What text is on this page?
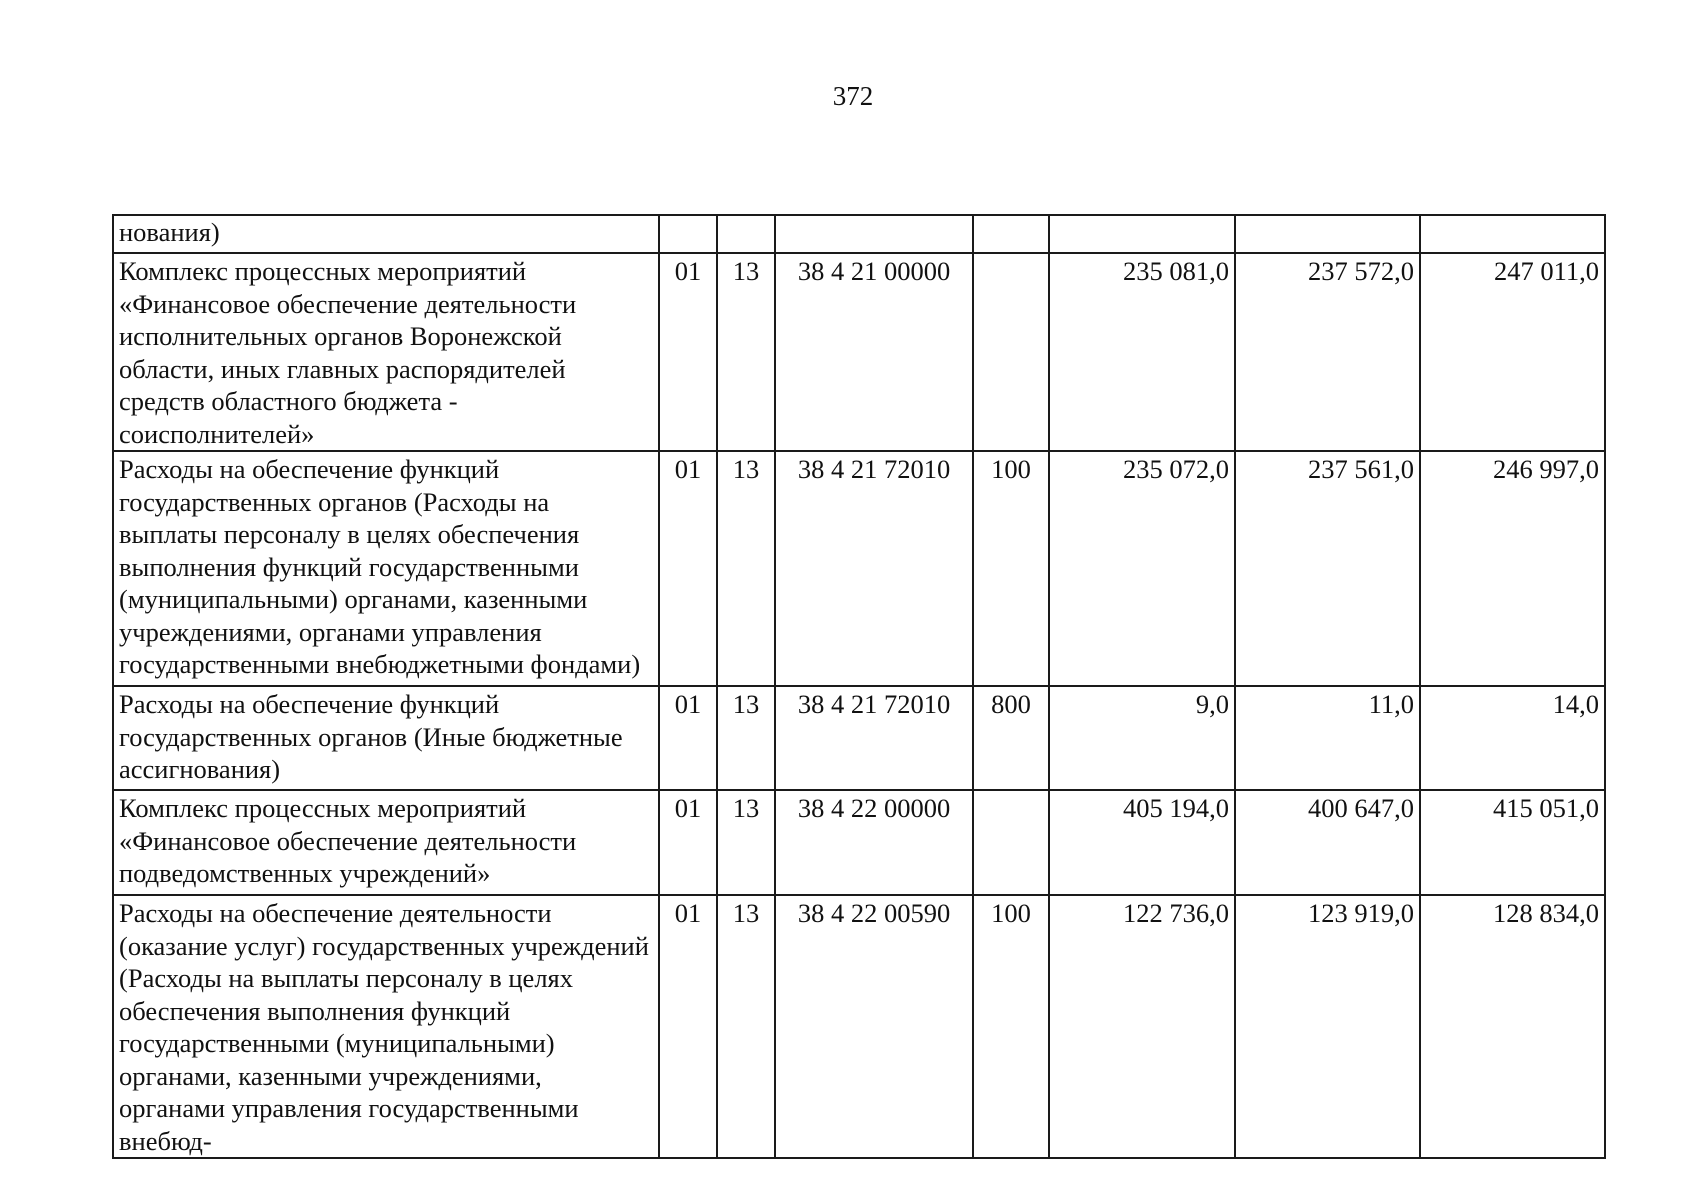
372
нования)							
Комплекс процессных мероприятий «Финансовое обеспечение деятельности исполнительных органов Воронежской области, иных главных распорядителей средств областного бюджета - соисполнителей»	01	13	38 4 21 00000		235 081,0	237 572,0	247 011,0
Расходы на обеспечение функций государственных органов (Расходы на выплаты персоналу в целях обеспечения выполнения функций государственными (муниципальными) органами, казенными учреждениями, органами управления государственными внебюджетными фондами)	01	13	38 4 21 72010	100	235 072,0	237 561,0	246 997,0
Расходы на обеспечение функций государственных органов (Иные бюджетные ассигнования)	01	13	38 4 21 72010	800	9,0	11,0	14,0
Комплекс процессных мероприятий «Финансовое обеспечение деятельности подведомственных учреждений»	01	13	38 4 22 00000		405 194,0	400 647,0	415 051,0
Расходы на обеспечение деятельности (оказание услуг) государственных учреждений (Расходы на выплаты персоналу в целях обеспечения выполнения функций государственными (муниципальными) органами, казенными учреждениями, органами управления государственными внебюд-	01	13	38 4 22 00590	100	122 736,0	123 919,0	128 834,0
